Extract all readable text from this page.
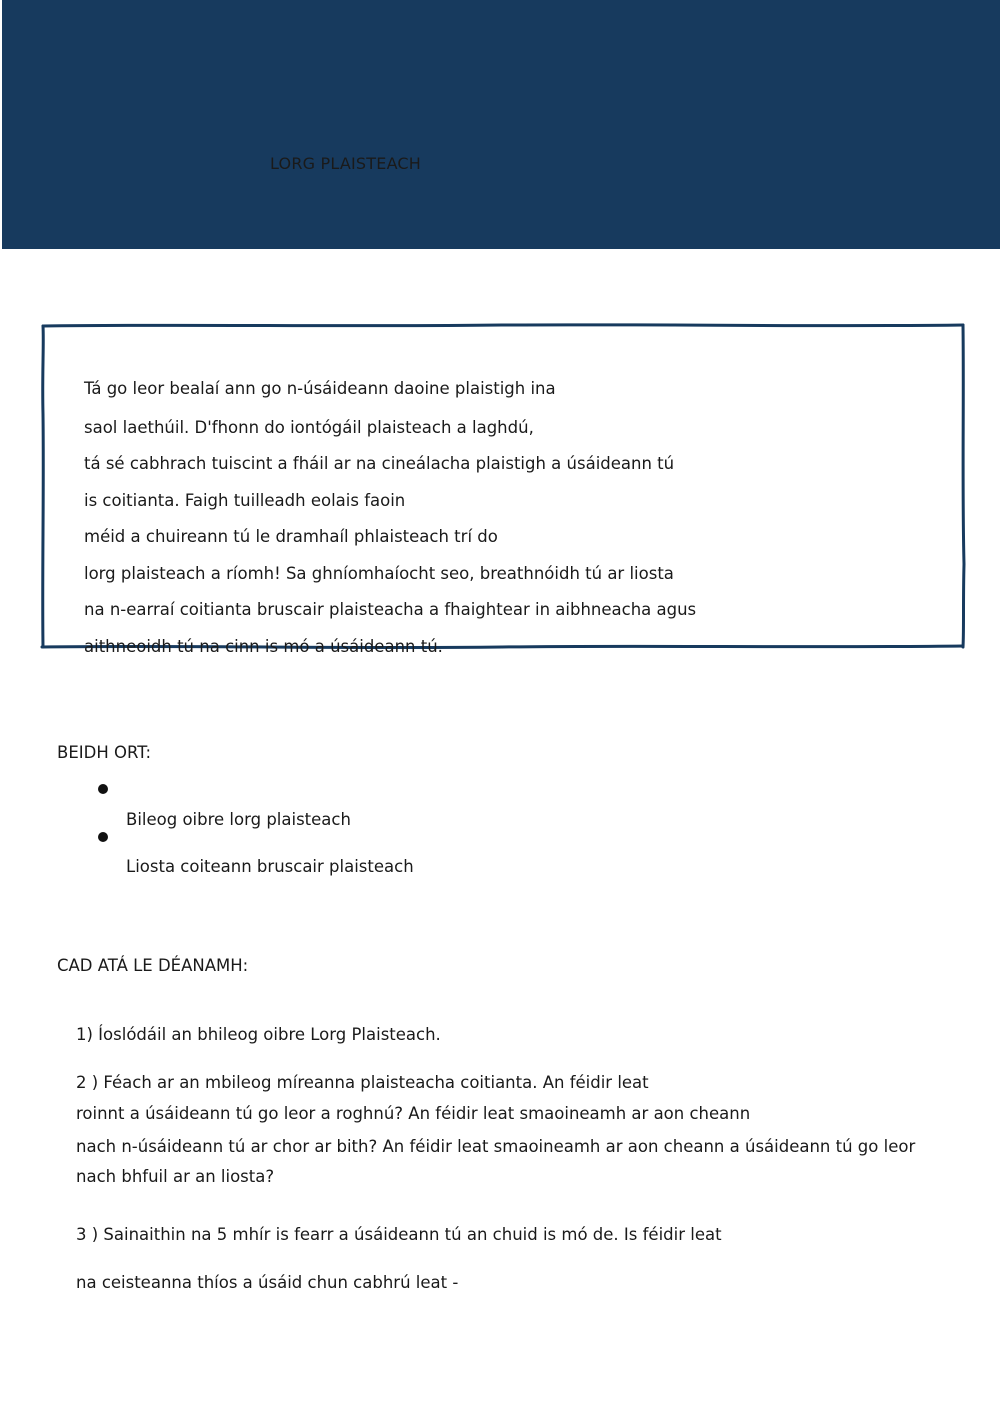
LORG PLAISTEACH
Tá go leor bealaí ann go n-úsáideann daoine plaistigh ina
saol laethúil. D'fhonn do iontógáil plaisteach a laghdú,
tá sé cabhrach tuiscint a fháil ar na cineálacha plaistigh a úsáideann tú
is coitianta. Faigh tuilleadh eolais faoin
méid a chuireann tú le dramhaíl phlaisteach trí do
lorg plaisteach a ríomh! Sa ghníomhaíocht seo, breathnóidh tú ar liosta
na n-earraí coitianta bruscair plaisteacha a fhaightear in aibhneacha agus
aithneoidh tú na cinn is mó a úsáideann tú.
BEIDH ORT:
Bileog oibre lorg plaisteach
Liosta coiteann bruscair plaisteach
CAD ATÁ LE DÉANAMH:
1) Íoslódáil an bhileog oibre Lorg Plaisteach.
2 ) Féach ar an mbileog míreanna plaisteacha coitianta. An féidir leat
roinnt a úsáideann tú go leor a roghnú? An féidir leat smaoineamh ar aon cheann
nach n-úsáideann tú ar chor ar bith? An féidir leat smaoineamh ar aon cheann a úsáideann tú go leor
nach bhfuil ar an liosta?
3 ) Sainaithin na 5 mhír is fearr a úsáideann tú an chuid is mó de. Is féidir leat
na ceisteanna thíos a úsáid chun cabhrú leat -
